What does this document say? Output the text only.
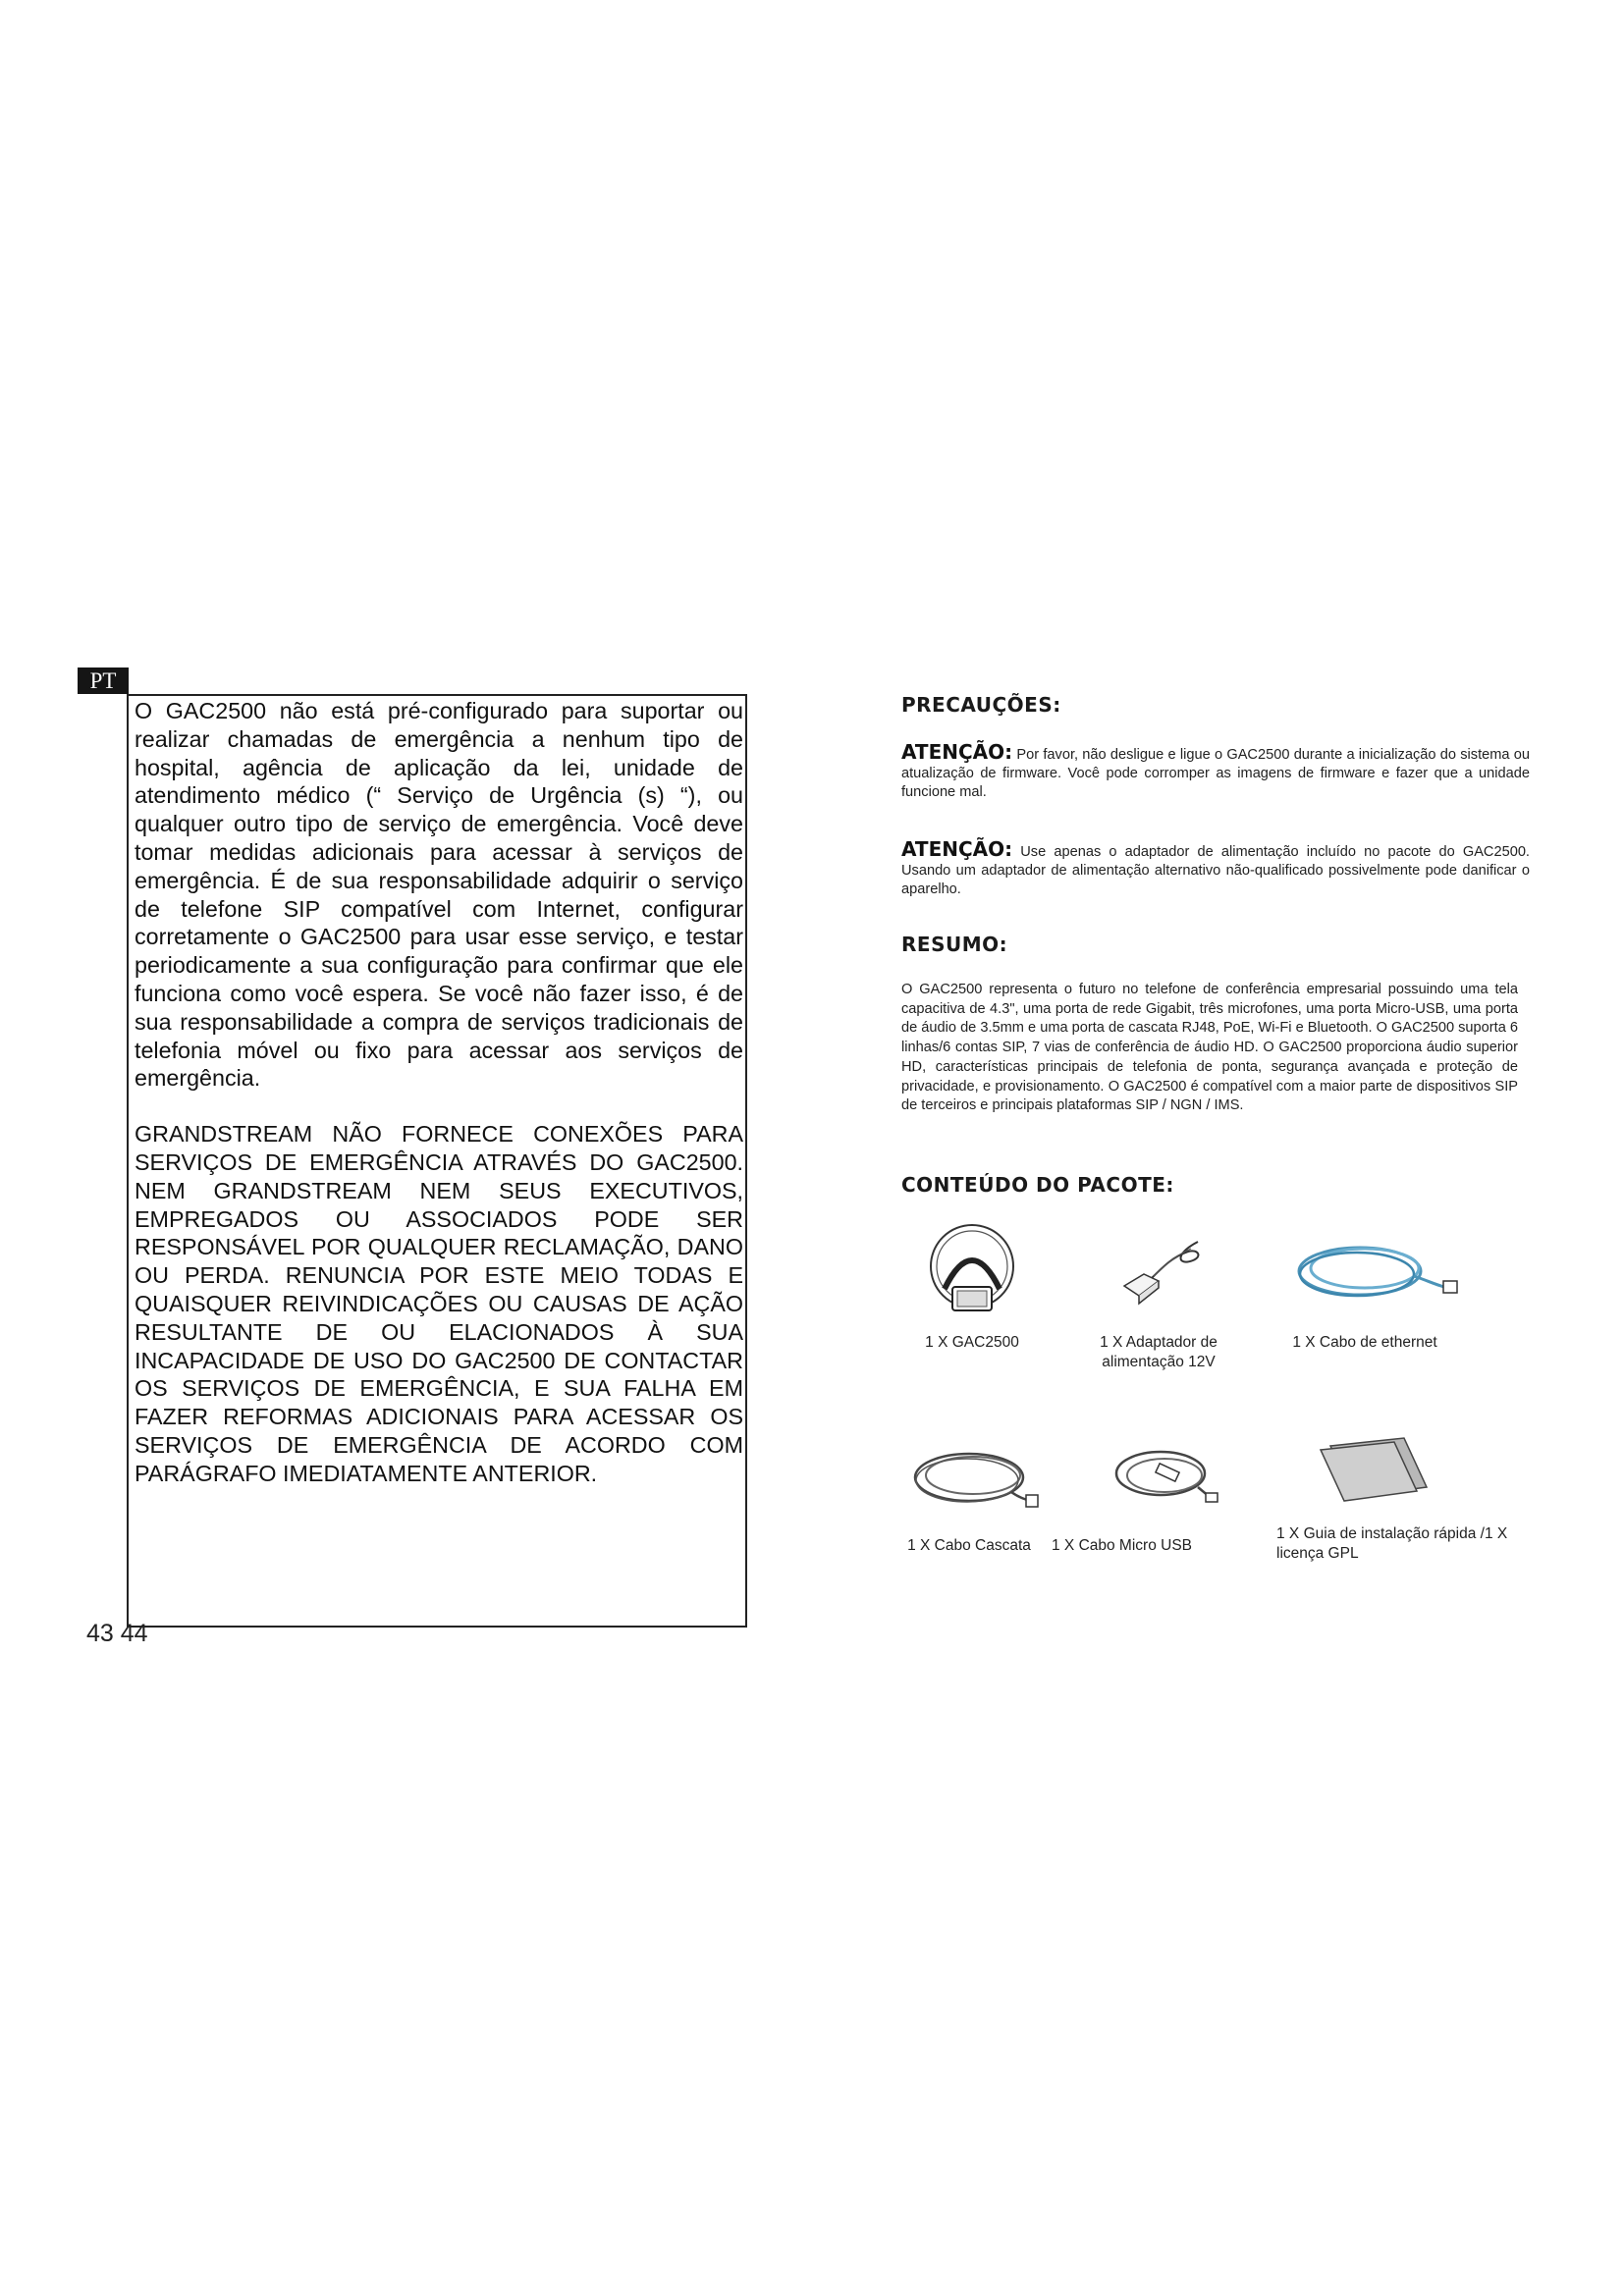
PT

O GAC2500 não está pré-configurado para suportar ou realizar chamadas de emergência a nenhum tipo de hospital, agência de aplicação da lei, unidade de atendimento médico (“ Serviço de Urgência (s) “), ou qualquer outro tipo de serviço de emergência. Você deve tomar medidas adicionais para acessar à serviços de emergência. É de sua responsabilidade adquirir o serviço de telefone SIP compatível com Internet, configurar corretamente o GAC2500 para usar esse serviço, e testar periodicamente a sua configuração para confirmar que ele funciona como você espera. Se você não fazer isso, é de sua responsabilidade a compra de serviços tradicionais de telefonia móvel ou fixo para acessar aos serviços de emergência.

GRANDSTREAM NÃO FORNECE CONEXÕES PARA SERVIÇOS DE EMERGÊNCIA ATRAVÉS DO GAC2500. NEM GRANDSTREAM NEM SEUS EXECUTIVOS, EMPREGADOS OU ASSOCIADOS PODE SER RESPONSÁVEL POR QUALQUER RECLAMAÇÃO, DANO OU PERDA. RENUNCIA POR ESTE MEIO TODAS E QUAISQUER REIVINDICAÇÕES OU CAUSAS DE AÇÃO RESULTANTE DE OU ELACIONADOS À SUA INCAPACIDADE DE USO DO GAC2500 DE CONTACTAR OS SERVIÇOS DE EMERGÊNCIA, E SUA FALHA EM FAZER REFORMAS ADICIONAIS PARA ACESSAR OS SERVIÇOS DE EMERGÊNCIA DE ACORDO COM PARÁGRAFO IMEDIATAMENTE ANTERIOR.

43 44
PRECAUÇÕES:

ATENÇÃO: Por favor, não desligue e ligue o GAC2500 durante a inicialização do sistema ou atualização de firmware. Você pode corromper as imagens de firmware e fazer que a unidade funcione mal.

ATENÇÃO: Use apenas o adaptador de alimentação incluído no pacote do GAC2500. Usando um adaptador de alimentação alternativo não-qualificado possivelmente pode danificar o aparelho.

RESUMO:

O GAC2500 representa o futuro no telefone de conferência empresarial possuindo uma tela capacitiva de 4.3", uma porta de rede Gigabit, três microfones, uma porta Micro-USB, uma porta de áudio de 3.5mm e uma porta de cascata RJ48, PoE, Wi-Fi e Bluetooth. O GAC2500 suporta 6 linhas/6 contas SIP, 7 vias de conferência de áudio HD. O GAC2500 proporciona áudio superior HD, características principais de telefonia de ponta, segurança avançada e proteção de privacidade, e provisionamento. O GAC2500 é compatível com a maior parte de dispositivos SIP de terceiros e principais plataformas SIP / NGN / IMS.

CONTEÚDO DO PACOTE:
1 X GAC2500	1 X Adaptador de alimentação 12V
1 X Cabo de ethernet
1 X Cabo Cascata	1 X Cabo Micro USB
1 X Guia de instalação rápida /1 X licença GPL
